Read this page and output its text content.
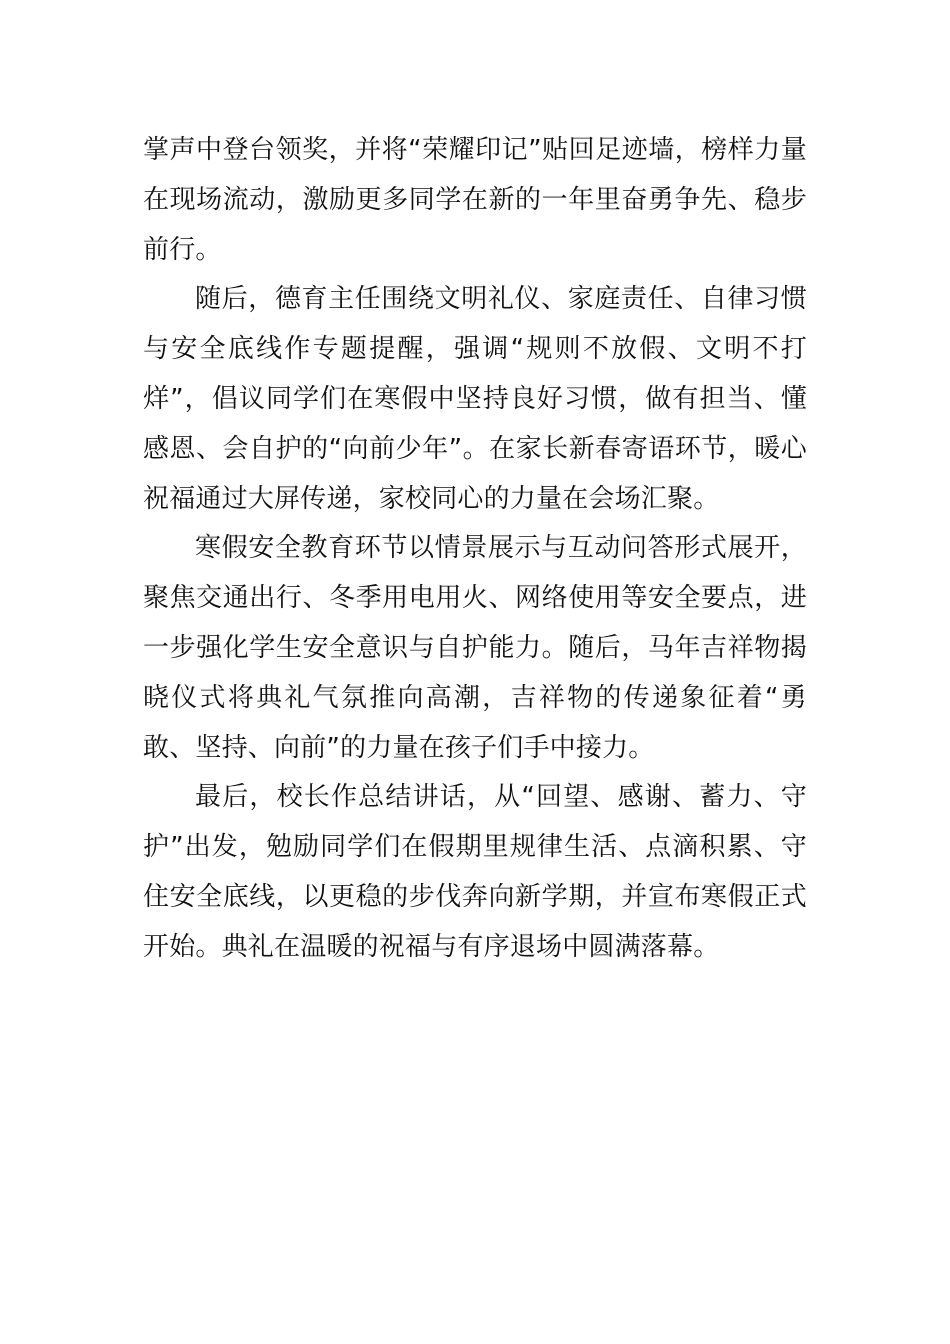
掌声中登台领奖，并将“荣耀印记”贴回足迹墙，榜样力量在现场流动，激励更多同学在新的一年里奋勇争先、稳步前行。

随后，德育主任围绕文明礼仪、家庭责任、自律习惯与安全底线作专题提醒，强调“规则不放假、文明不打烊”，倡议同学们在寒假中坚持良好习惯，做有担当、懂感恩、会自护的“向前少年”。在家长新春寄语环节，暖心祝福通过大屏传递，家校同心的力量在会场汇聚。

寒假安全教育环节以情景展示与互动问答形式展开，聚焦交通出行、冬季用电用火、网络使用等安全要点，进一步强化学生安全意识与自护能力。随后，马年吉祥物揭晓仪式将典礼气氛推向高潮，吉祥物的传递象征着“勇敢、坚持、向前”的力量在孩子们手中接力。

最后，校长作总结讲话，从“回望、感谢、蓄力、守护”出发，勉励同学们在假期里规律生活、点滴积累、守住安全底线，以更稳的步伐奔向新学期，并宣布寒假正式开始。典礼在温暖的祝福与有序退场中圆满落幕。
